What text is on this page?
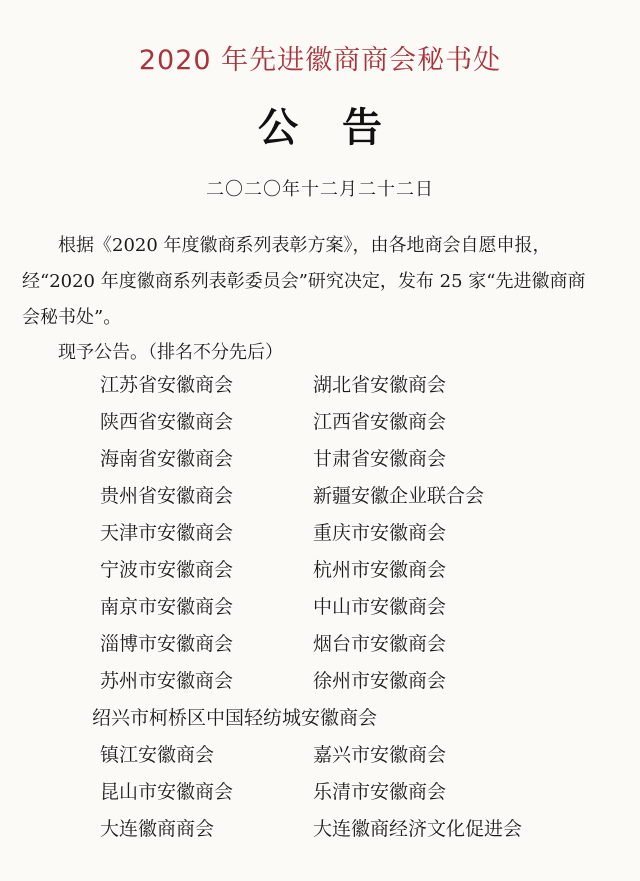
2020 年先进徽商商会秘书处
公告
二〇二〇年十二月二十二日

根据《2020 年度徽商系列表彰方案》，由各地商会自愿申报，经“2020 年度徽商系列表彰委员会”研究决定，发布 25 家“先进徽商商会秘书处”。

现予公告。（排名不分先后）
江苏省安徽商会	湖北省安徽商会
陕西省安徽商会	江西省安徽商会
海南省安徽商会	甘肃省安徽商会
贵州省安徽商会	新疆安徽企业联合会
天津市安徽商会	重庆市安徽商会
宁波市安徽商会	杭州市安徽商会
南京市安徽商会	中山市安徽商会
淄博市安徽商会	烟台市安徽商会
苏州市安徽商会	徐州市安徽商会
绍兴市柯桥区中国轻纺城安徽商会
镇江安徽商会	嘉兴市安徽商会
昆山市安徽商会	乐清市安徽商会
大连徽商商会	大连徽商经济文化促进会
